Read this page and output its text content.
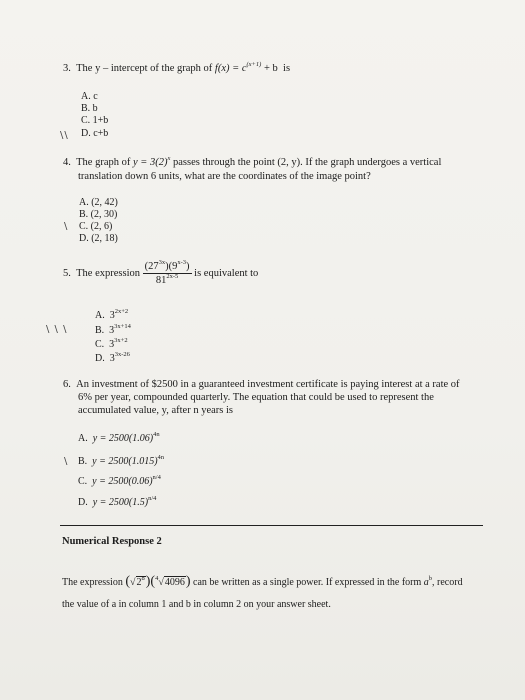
3. The y – intercept of the graph of $f(x) = c^{(x+1)} + b$ is
A. c
B. b
C. 1+b
D. c+b
\\
4. The graph of $y = 3(2)^x$ passes through the point (2, y). If the graph undergoes a vertical
translation down 6 units, what are the coordinates of the image point?
A. (2, 42)
B. (2, 30)
C. (2, 6)
D. (2, 18)
\
5. The expression $\frac{(27^{3x})(9^{x-3})}{81^{2x-5}}$ is equivalent to
A. $3^{2x+2}$
B. $3^{3x+14}$
C. $3^{3x+2}$
D. $3^{3x-26}$
\ \ \
6. An investment of $2500 in a guaranteed investment certificate is paying interest at a rate of
6% per year, compounded quarterly. The equation that could be used to represent the
accumulated value, y, after n years is
A. $y = 2500(1.06)^{4n}$
B. $y = 2500(1.015)^{4n}$
C. $y = 2500(0.06)^{n/4}$
D. $y = 2500(1.5)^{n/4}$
\
Numerical Response 2
The expression $(√2^8)(^4√4096)$ can be written as a single power. If expressed in the form $a^b$, record
the value of a in column 1 and b in column 2 on your answer sheet.
